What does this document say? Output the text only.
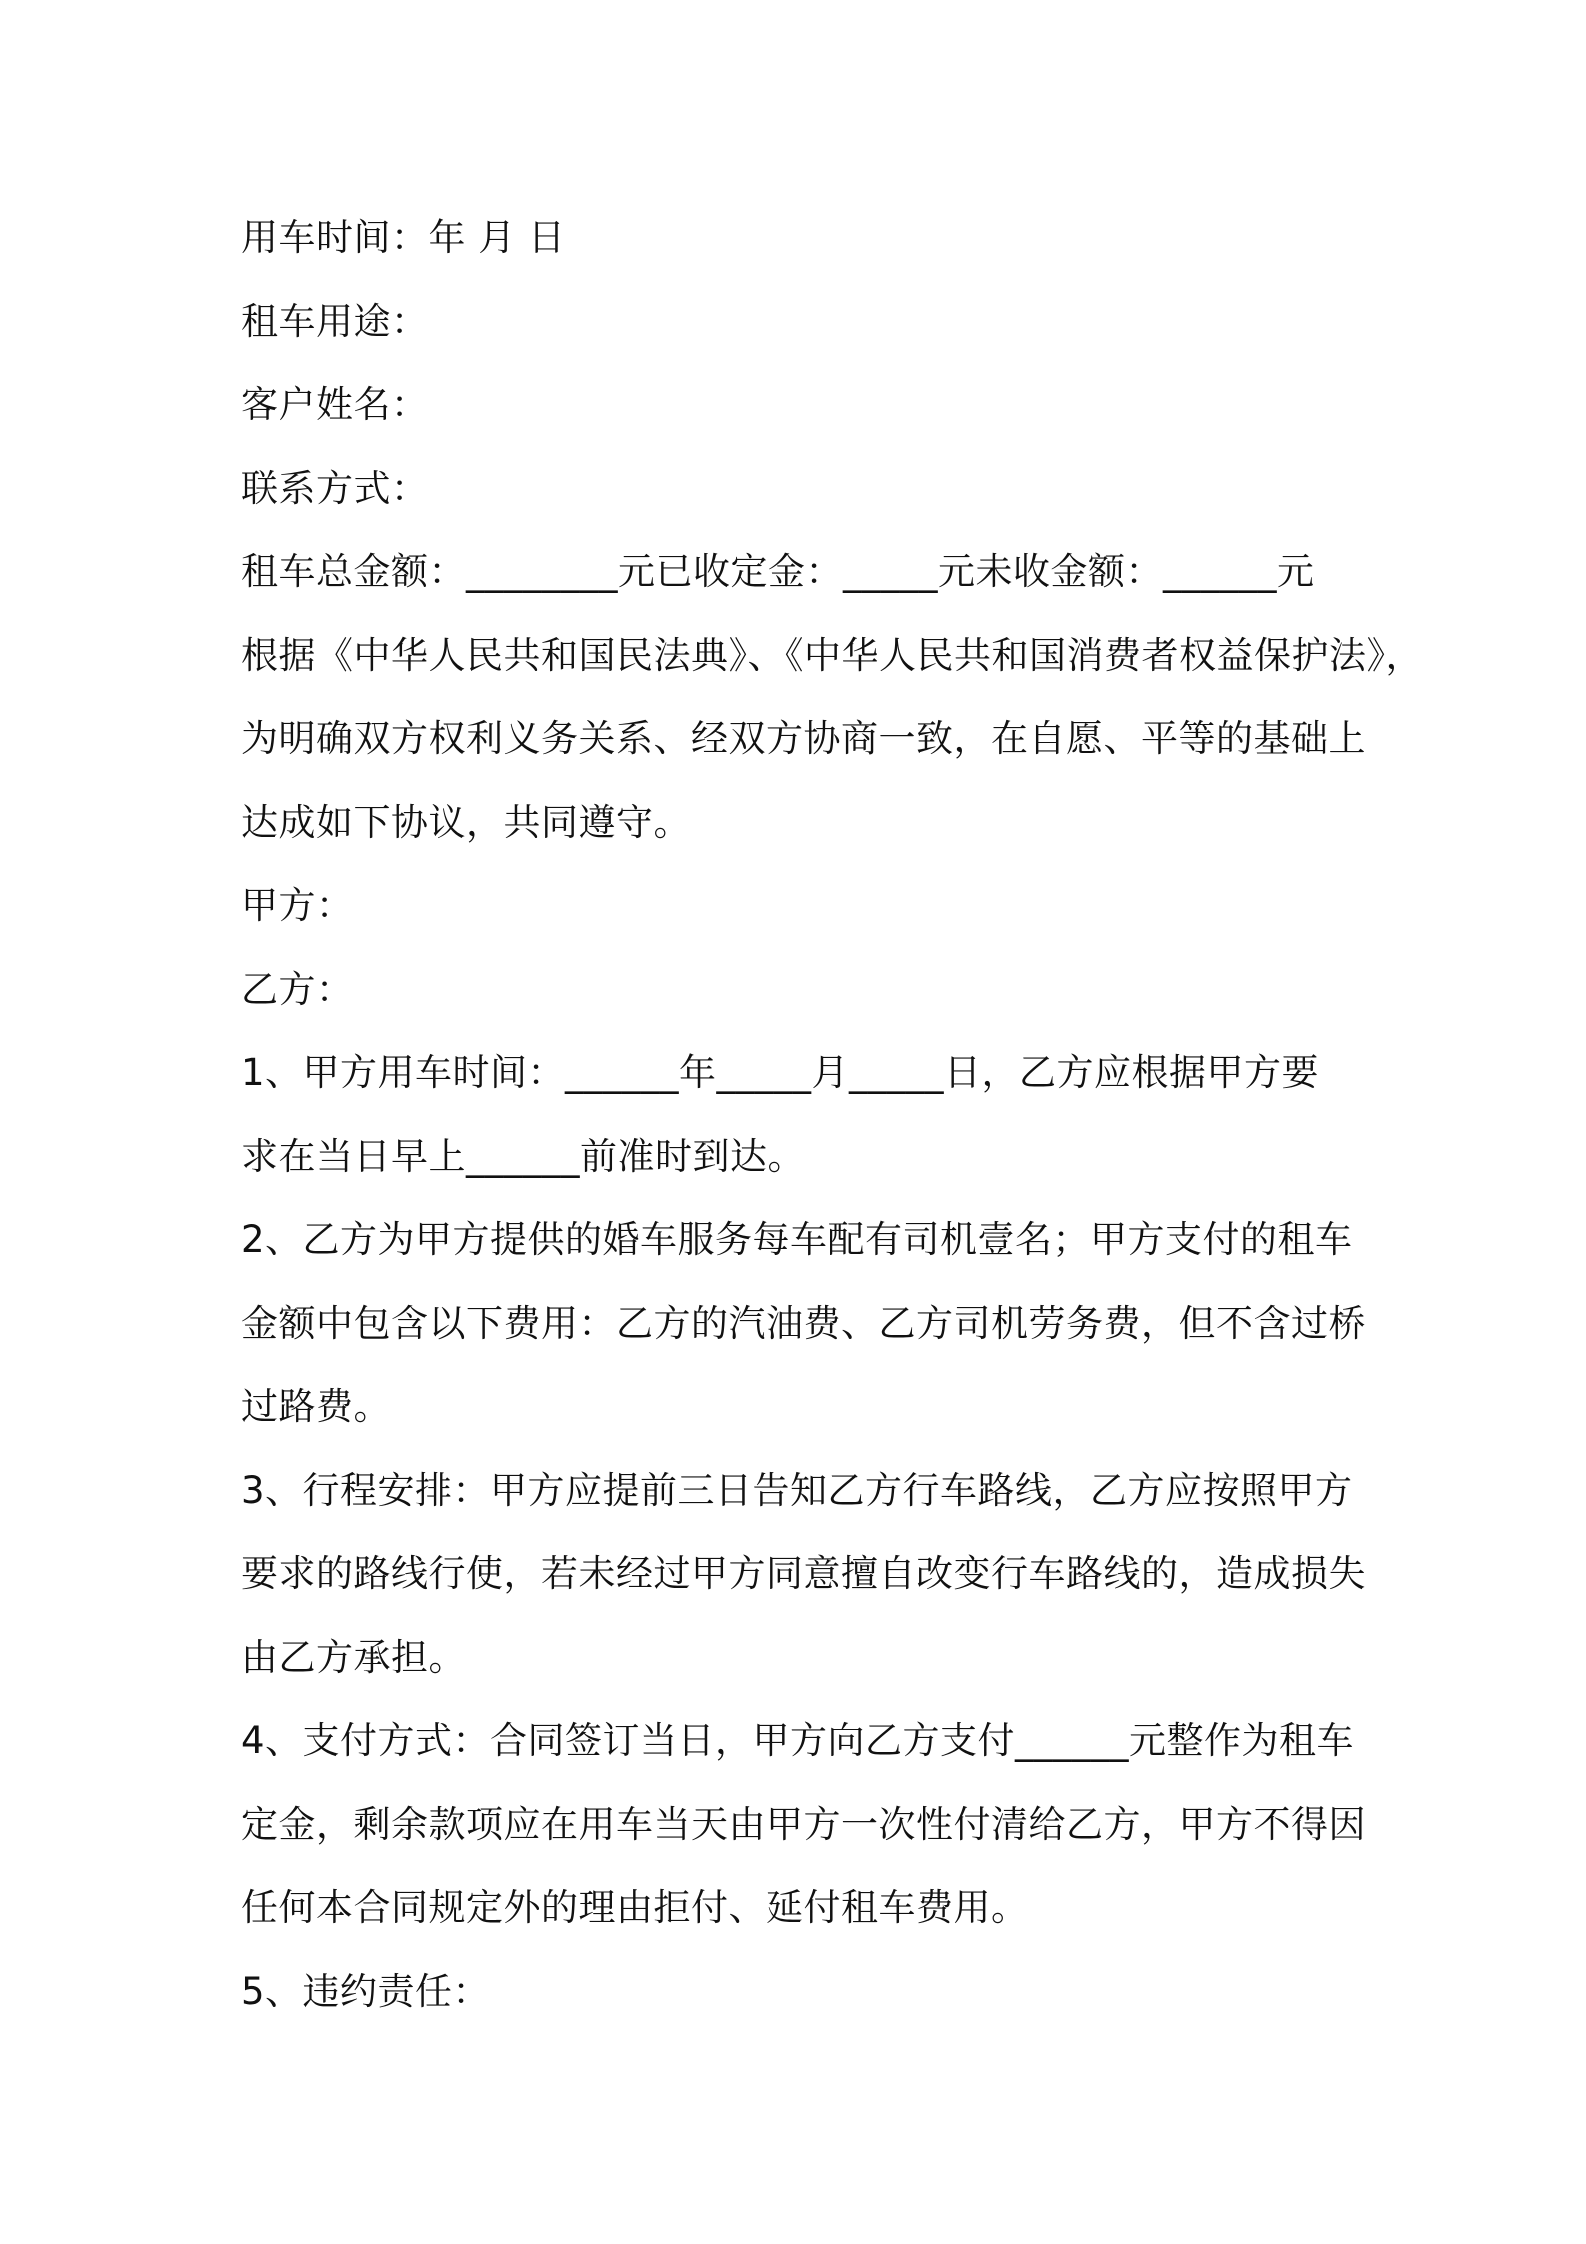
用车时间：年 月 日

租车用途：

客户姓名：

联系方式：

租车总金额：________元已收定金：_____元未收金额：______元

根据《中华人民共和国民法典》、《中华人民共和国消费者权益保护法》，

为明确双方权利义务关系、经双方协商一致，在自愿、平等的基础上

达成如下协议，共同遵守。

甲方：

乙方：

1、甲方用车时间：______年_____月_____日，乙方应根据甲方要

求在当日早上______前准时到达。

2、乙方为甲方提供的婚车服务每车配有司机壹名；甲方支付的租车

金额中包含以下费用：乙方的汽油费、乙方司机劳务费，但不含过桥

过路费。

3、行程安排：甲方应提前三日告知乙方行车路线，乙方应按照甲方

要求的路线行使，若未经过甲方同意擅自改变行车路线的，造成损失

由乙方承担。

4、支付方式：合同签订当日，甲方向乙方支付______元整作为租车

定金，剩余款项应在用车当天由甲方一次性付清给乙方，甲方不得因

任何本合同规定外的理由拒付、延付租车费用。

5、违约责任：
